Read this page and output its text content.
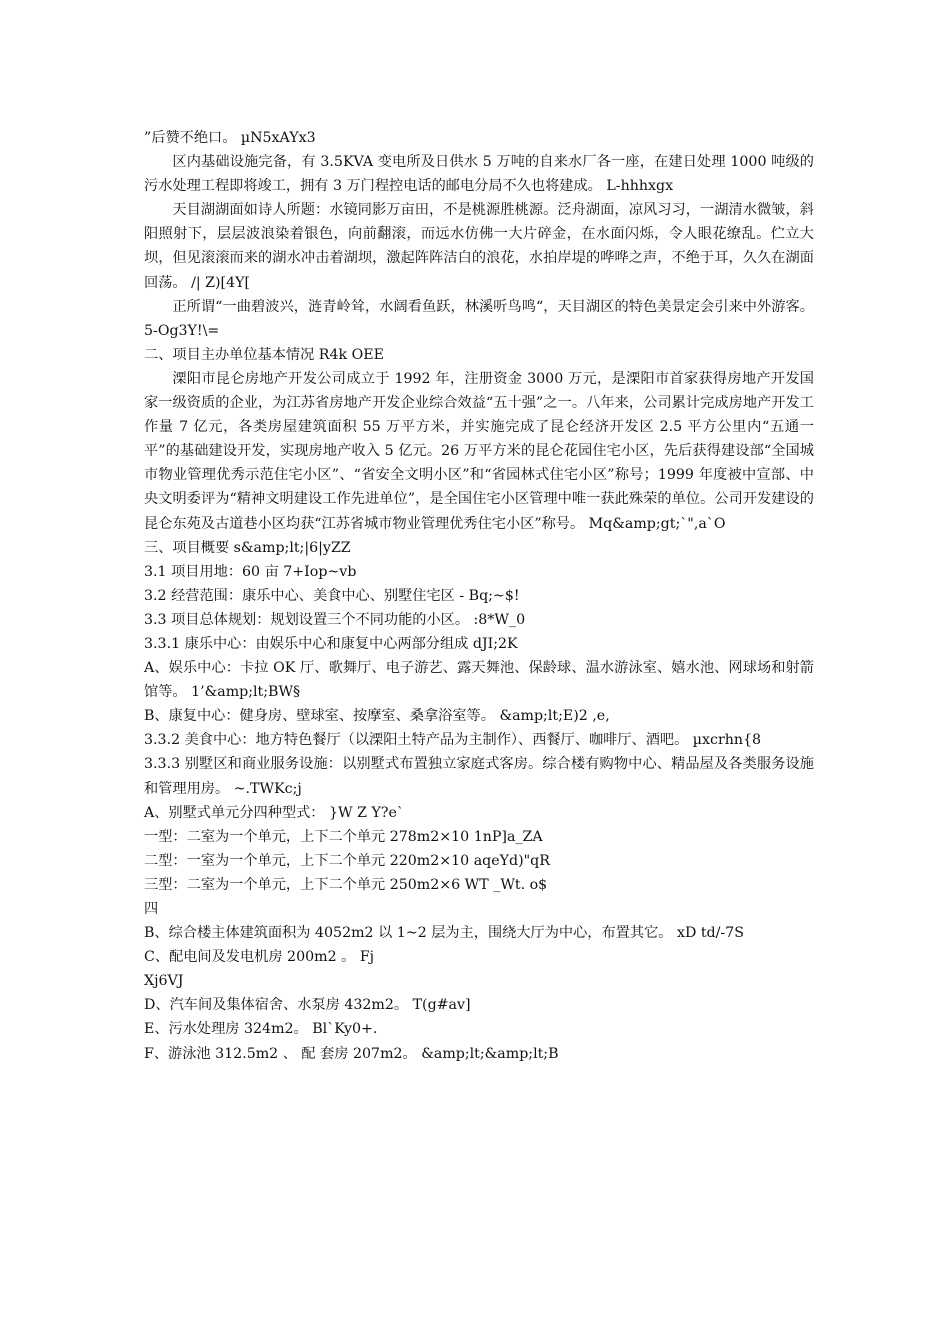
”后赞不绝口。 µN5xAYx3

区内基础设施完备，有 3.5KVA 变电所及日供水 5 万吨的自来水厂各一座，在建日处理 1000 吨级的污水处理工程即将竣工，拥有 3 万门程控电话的邮电分局不久也将建成。 L-hhhxgx

天目湖湖面如诗人所题：水镜同影万亩田，不是桃源胜桃源。泛舟湖面，凉风习习，一湖清水微皱，斜阳照射下，层层波浪染着银色，向前翻滚，而远水仿佛一大片碎金，在水面闪烁，令人眼花缭乱。伫立大坝，但见滚滚而来的湖水冲击着湖坝，激起阵阵洁白的浪花，水拍岸堤的哗哗之声，不绝于耳，久久在湖面回荡。 /| Z)[4Y[

正所谓“一曲碧波兴，涟青岭耸，水阔看鱼跃，林溪听鸟鸣“，天目湖区的特色美景定会引来中外游客。 5-Og3Y!\=

二、项目主办单位基本情况 R4k OEE

溧阳市昆仑房地产开发公司成立于 1992 年，注册资金 3000 万元，是溧阳市首家获得房地产开发国家一级资质的企业，为江苏省房地产开发企业综合效益“五十强”之一。八年来，公司累计完成房地产开发工作量 7 亿元，各类房屋建筑面积 55 万平方米，并实施完成了昆仑经济开发区 2.5 平方公里内“五通一平”的基础建设开发，实现房地产收入 5 亿元。26 万平方米的昆仑花园住宅小区，先后获得建设部“全国城市物业管理优秀示范住宅小区”、“省安全文明小区”和“省园林式住宅小区”称号；1999 年度被中宣部、中央文明委评为“精神文明建设工作先进单位”，是全国住宅小区管理中唯一获此殊荣的单位。公司开发建设的昆仑东苑及古道巷小区均获“江苏省城市物业管理优秀住宅小区”称号。 Mq&amp;gt;`",a`O

三、项目概要 s&amp;lt;|6|yZZ

3.1 项目用地：60 亩 7+Iop~vb

3.2 经营范围：康乐中心、美食中心、别墅住宅区 - Bq;~$!

3.3 项目总体规划：规划设置三个不同功能的小区。 :8*W_0

3.3.1 康乐中心：由娱乐中心和康复中心两部分组成 dJI;2K

A、娱乐中心：卡拉 OK 厅、歌舞厅、电子游艺、露天舞池、保龄球、温水游泳室、嬉水池、网球场和射箭馆等。 1’&amp;lt;BW§

B、康复中心：健身房、壁球室、按摩室、桑拿浴室等。 &amp;lt;E)2 ,e,

3.3.2 美食中心：地方特色餐厅（以溧阳土特产品为主制作）、西餐厅、咖啡厅、酒吧。 µxcrhn{8

3.3.3 别墅区和商业服务设施：以别墅式布置独立家庭式客房。综合楼有购物中心、精品屋及各类服务设施和管理用房。 ~.TWKc;j

A、别墅式单元分四种型式： }W Z Y?e`

一型：二室为一个单元，上下二个单元 278m2×10 1nP]a_ZA

二型：一室为一个单元，上下二个单元 220m2×10 aqeYd)"qR

三型：二室为一个单元，上下二个单元 250m2×6 WT _Wt. o$

四

B、综合楼主体建筑面积为 4052m2 以 1~2 层为主，围绕大厅为中心，布置其它。 xD td/-7S

C、配电间及发电机房 200m2 。 Fj

Xj6VJ

D、汽车间及集体宿舍、水泵房 432m2。 T(g#av]

E、污水处理房 324m2。 Bl`Ky0+.

F、游泳池 312.5m2 、 配 套房 207m2。 &amp;lt;&amp;lt;B
